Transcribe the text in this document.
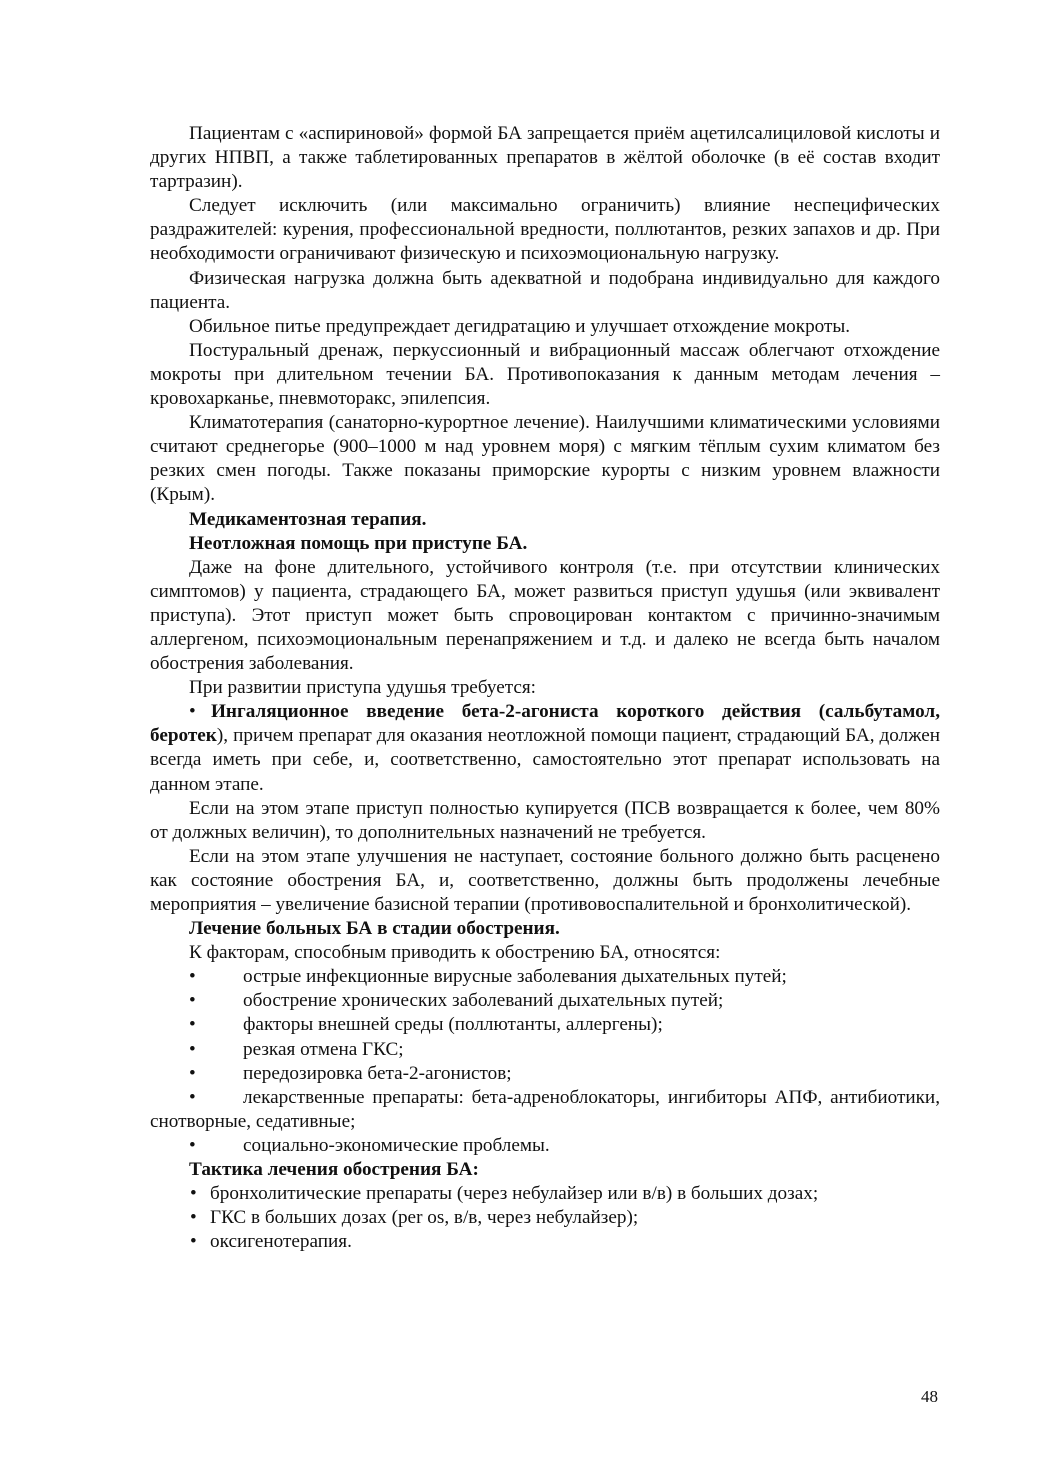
Пациентам с «аспириновой» формой БА запрещается приём ацетилсалициловой кислоты и других НПВП, а также таблетированных препаратов в жёлтой оболочке (в её состав входит тартразин).

Следует исключить (или максимально ограничить) влияние неспецифических раздражителей: курения, профессиональной вредности, поллютантов, резких запахов и др. При необходимости ограничивают физическую и психоэмоциональную нагрузку.

Физическая нагрузка должна быть адекватной и подобрана индивидуально для каждого пациента.

Обильное питье предупреждает дегидратацию и улучшает отхождение мокроты.

Постуральный дренаж, перкуссионный и вибрационный массаж облегчают отхождение мокроты при длительном течении БА. Противопоказания к данным методам лечения – кровохарканье, пневмоторакс, эпилепсия.

Климатотерапия (санаторно-курортное лечение). Наилучшими климатическими условиями считают среднегорье (900–1000 м над уровнем моря) с мягким тёплым сухим климатом без резких смен погоды. Также показаны приморские курорты с низким уровнем влажности (Крым).

Медикаментозная терапия.

Неотложная помощь при приступе БА.

Даже на фоне длительного, устойчивого контроля (т.е. при отсутствии клинических симптомов) у пациента, страдающего БА, может развиться приступ удушья (или эквивалент приступа). Этот приступ может быть спровоцирован контактом с причинно-значимым аллергеном, психоэмоциональным перенапряжением и т.д. и далеко не всегда быть началом обострения заболевания.

При развитии приступа удушья требуется:

• Ингаляционное введение бета-2-агониста короткого действия (сальбутамол, беротек), причем препарат для оказания неотложной помощи пациент, страдающий БА, должен всегда иметь при себе, и, соответственно, самостоятельно этот препарат использовать на данном этапе.

Если на этом этапе приступ полностью купируется (ПСВ возвращается к более, чем 80% от должных величин), то дополнительных назначений не требуется.

Если на этом этапе улучшения не наступает, состояние больного должно быть расценено как состояние обострения БА, и, соответственно, должны быть продолжены лечебные мероприятия – увеличение базисной терапии (противовоспалительной и бронхолитической).

Лечение больных БА в стадии обострения.

К факторам, способным приводить к обострению БА, относятся:

• острые инфекционные вирусные заболевания дыхательных путей;

• обострение хронических заболеваний дыхательных путей;

• факторы внешней среды (поллютанты, аллергены);

• резкая отмена ГКС;

• передозировка бета-2-агонистов;

• лекарственные препараты: бета-адреноблокаторы, ингибиторы АПФ, антибиотики, снотворные, седативные;

• социально-экономические проблемы.

Тактика лечения обострения БА:

• бронхолитические препараты (через небулайзер или в/в) в больших дозах;

• ГКС в больших дозах (per os, в/в, через небулайзер);

• оксигенотерапия.

48
